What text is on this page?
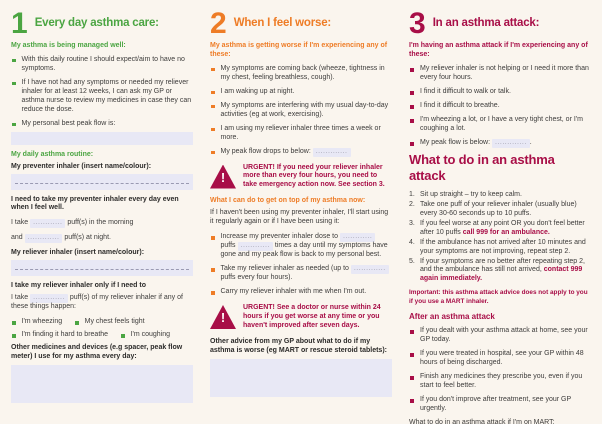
1 Every day asthma care:
My asthma is being managed well:
With this daily routine I should expect/aim to have no symptoms.
If I have not had any symptoms or needed my reliever inhaler for at least 12 weeks, I can ask my GP or asthma nurse to review my medicines in case they can reduce the dose.
My personal best peak flow is:
My daily asthma routine:
My preventer inhaler (insert name/colour):
I need to take my preventer inhaler every day even when I feel well.
I take ............ puff(s) in the morning
and ............. puff(s) at night.
My reliever inhaler (insert name/colour):
I take my reliever inhaler only if I need to
I take ............. puff(s) of my reliever inhaler if any of these things happen:
I'm wheezing	My chest feels tight
I'm finding it hard to breathe	I'm coughing
Other medicines and devices (e.g spacer, peak flow meter) I use for my asthma every day:
2 When I feel worse:
My asthma is getting worse if I'm experiencing any of these:
My symptoms are coming back (wheeze, tightness in my chest, feeling breathless, cough).
I am waking up at night.
My symptoms are interfering with my usual day-to-day activities (eg at work, exercising).
I am using my reliever inhaler three times a week or more.
My peak flow drops to below: .............
!
URGENT! If you need your reliever inhaler more than every four hours, you need to take emergency action now. See section 3.
What I can do to get on top of my asthma now:
If I haven't been using my preventer inhaler, I'll start using it regularly again or if I have been using it:
Increase my preventer inhaler dose to ............ puffs ............ times a day until my symptoms have gone and my peak flow is back to my personal best.
Take my reliever inhaler as needed (up to ............. puffs every four hours).
Carry my reliever inhaler with me when I'm out.
!
URGENT! See a doctor or nurse within 24 hours if you get worse at any time or you haven't improved after seven days.
Other advice from my GP about what to do if my asthma is worse (eg MART or rescue steroid tablets):
3 In an asthma attack:
I'm having an asthma attack if I'm experiencing any of these:
My reliever inhaler is not helping or I need it more than every four hours.
I find it difficult to walk or talk.
I find it difficult to breathe.
I'm wheezing a lot, or I have a very tight chest, or I'm coughing a lot.
My peak flow is below: ............. .
What to do in an asthma attack
1. Sit up straight – try to keep calm.
2. Take one puff of your reliever inhaler (usually blue) every 30-60 seconds up to 10 puffs.
3. If you feel worse at any point OR you don't feel better after 10 puffs call 999 for an ambulance.
4. If the ambulance has not arrived after 10 minutes and your symptoms are not improving, repeat step 2.
5. If your symptoms are no better after repeating step 2, and the ambulance has still not arrived, contact 999 again immediately.
Important: this asthma attack advice does not apply to you if you use a MART inhaler.
After an asthma attack
If you dealt with your asthma attack at home, see your GP today.
If you were treated in hospital, see your GP within 48 hours of being discharged.
Finish any medicines they prescribe you, even if you start to feel better.
If you don't improve after treatment, see your GP urgently.
What to do in an asthma attack if I'm on MART:
